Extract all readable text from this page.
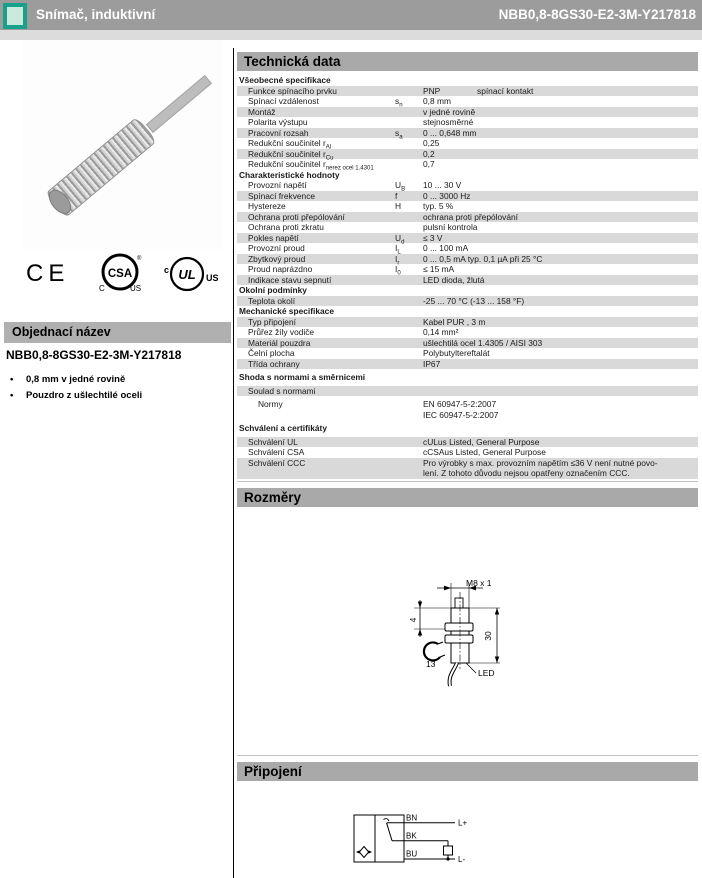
Snímač, induktivní	NBB0,8-8GS30-E2-3M-Y217818
CE	CSA
®
C	US
UL
c
US
Objednací název
NBB0,8-8GS30-E2-3M-Y217818
• 0,8 mm v jedné rovině
• Pouzdro z ušlechtilé oceli
Technická data
Všeobecné specifikace
Funkce spínacího prvku	PNP	spínací kontakt
Spínací vzdálenost	s	0,8 mm
Montáž	v jedné rovině
Polarita výstupu	stejnosměrné
Pracovní rozsah	$s_a$ 0 ... 0,648 mm
Redukční součinitel r	0,25
Redukční součinitel $r_{Cu}$	0,2
Redukční součinitel $r_{nerez ocel 1.4301}$	0,7
Charakteristické hodnoty
Provozní napětí	U	10 ... 30 V
Spínací frekvence	f	0 ... 3000 Hz
Hystereze	H	typ. 5 %
Ochrana proti přepólování	ochrana proti přepólování
Ochrana proti zkratu	pulsní kontrola
Pokles napětí	$U_d \le 3$ V
Provozní proud	I	0 ... 100 mA
Zbytkový proud	$I_r$	0 ... 0,5 mA typ. 0,1 µA při 25 °C
Proud naprázdno	I	≤ 15 mA
Indikace stavu sepnutí	LED dioda, žlutá
Okolní podmínky
Teplota okolí	-25 ... 70 °C (-13 ... 158 °F)
Mechanické specifikace
Typ připojení	Kabel PUR , 3 m
Průřez žíly vodiče	0,14 mm²
Materiál pouzdra	ušlechtilá ocel 1.4305 / AISI 303
Čelní plocha	Polybutyltereftalát
Třída ochrany	IP67
Shoda s normami a směrnicemi
Soulad s normami
Normy	EN 60947-5-2:2007
IEC 60947-5-2:2007
Schválení a certifikáty
Schválení UL	cULus Listed, General Purpose
Schválení CSA	cCSAus Listed, General Purpose
Schválení CCC	Pro výrobky s max. provozním napětím ≤36 V není nutné povo-
lení. Z tohoto důvodu nejsou opatřeny označením CCC.
Rozměry
M8 x 1
4
30
13
LED
Připojení
BN
BK
BU
L+
L-
